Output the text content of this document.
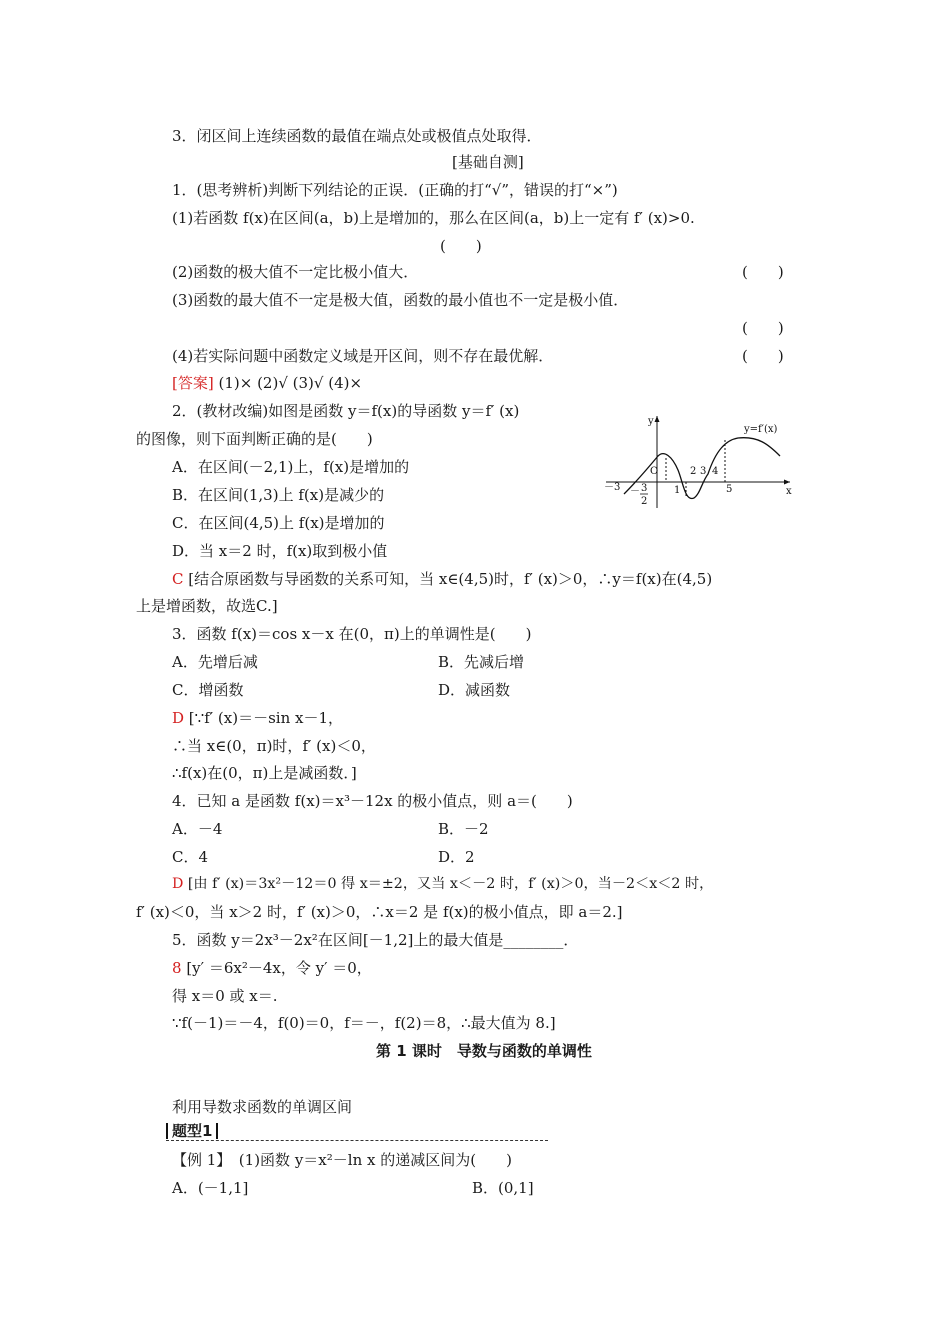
3．闭区间上连续函数的最值在端点处或极值点处取得．
[基础自测]
1．(思考辨析)判断下列结论的正误．(正确的打“√”，错误的打“×”)
(1)若函数 f(x)在区间(a，b)上是增加的，那么在区间(a，b)上一定有 f′ (x)>0.
(　　)
(2)函数的极大值不一定比极小值大．	(　　)
(3)函数的最大值不一定是极大值，函数的最小值也不一定是极小值．
(　　)
(4)若实际问题中函数定义域是开区间，则不存在最优解．	(　　)
[答案] (1)× (2)√ (3)√ (4)×
2．(教材改编)如图是函数 y＝f(x)的导函数 y＝f′ (x)
的图像，则下面判断正确的是(　　)
A．在区间(－2,1)上，f(x)是增加的
B．在区间(1,3)上 f(x)是减少的
C．在区间(4,5)上 f(x)是增加的
D．当 x＝2 时，f(x)取到极小值
y
x
y=f′(x)
O
－3 － 3
2
1
2 3 4
5
C [结合原函数与导函数的关系可知，当 x∈(4,5)时，f′ (x)＞0，∴y＝f(x)在(4,5)
上是增函数，故选C.]
3．函数 f(x)＝cos x－x 在(0，π)上的单调性是(　　)
A．先增后减	B．先减后增
C．增函数	D．减函数
D [∵f′ (x)＝－sin x－1，
∴当 x∈(0，π)时，f′ (x)＜0，
∴f(x)在(0，π)上是减函数．]
4．已知 a 是函数 f(x)＝x³－12x 的极小值点，则 a＝(　　)
A．－4	B．－2
C．4	D．2
D [由 f′ (x)＝3x²－12＝0 得 x＝±2，又当 x＜－2 时，f′ (x)＞0，当－2＜x＜2 时，
f′ (x)＜0，当 x＞2 时，f′ (x)＞0，∴x＝2 是 f(x)的极小值点，即 a＝2.]
5．函数 y＝2x³－2x²在区间[－1,2]上的最大值是________．
8 [y′ ＝6x²－4x，令 y′ ＝0，
得 x＝0 或 x＝.
∵f(－1)＝－4，f(0)＝0，f＝－，f(2)＝8，∴最大值为 8.]
第 1 课时　导数与函数的单调性
利用导数求函数的单调区间
题型1
【例 1】　(1)函数 y＝x²－ln x 的递减区间为(　　)
A．(－1,1]	B．(0,1]
